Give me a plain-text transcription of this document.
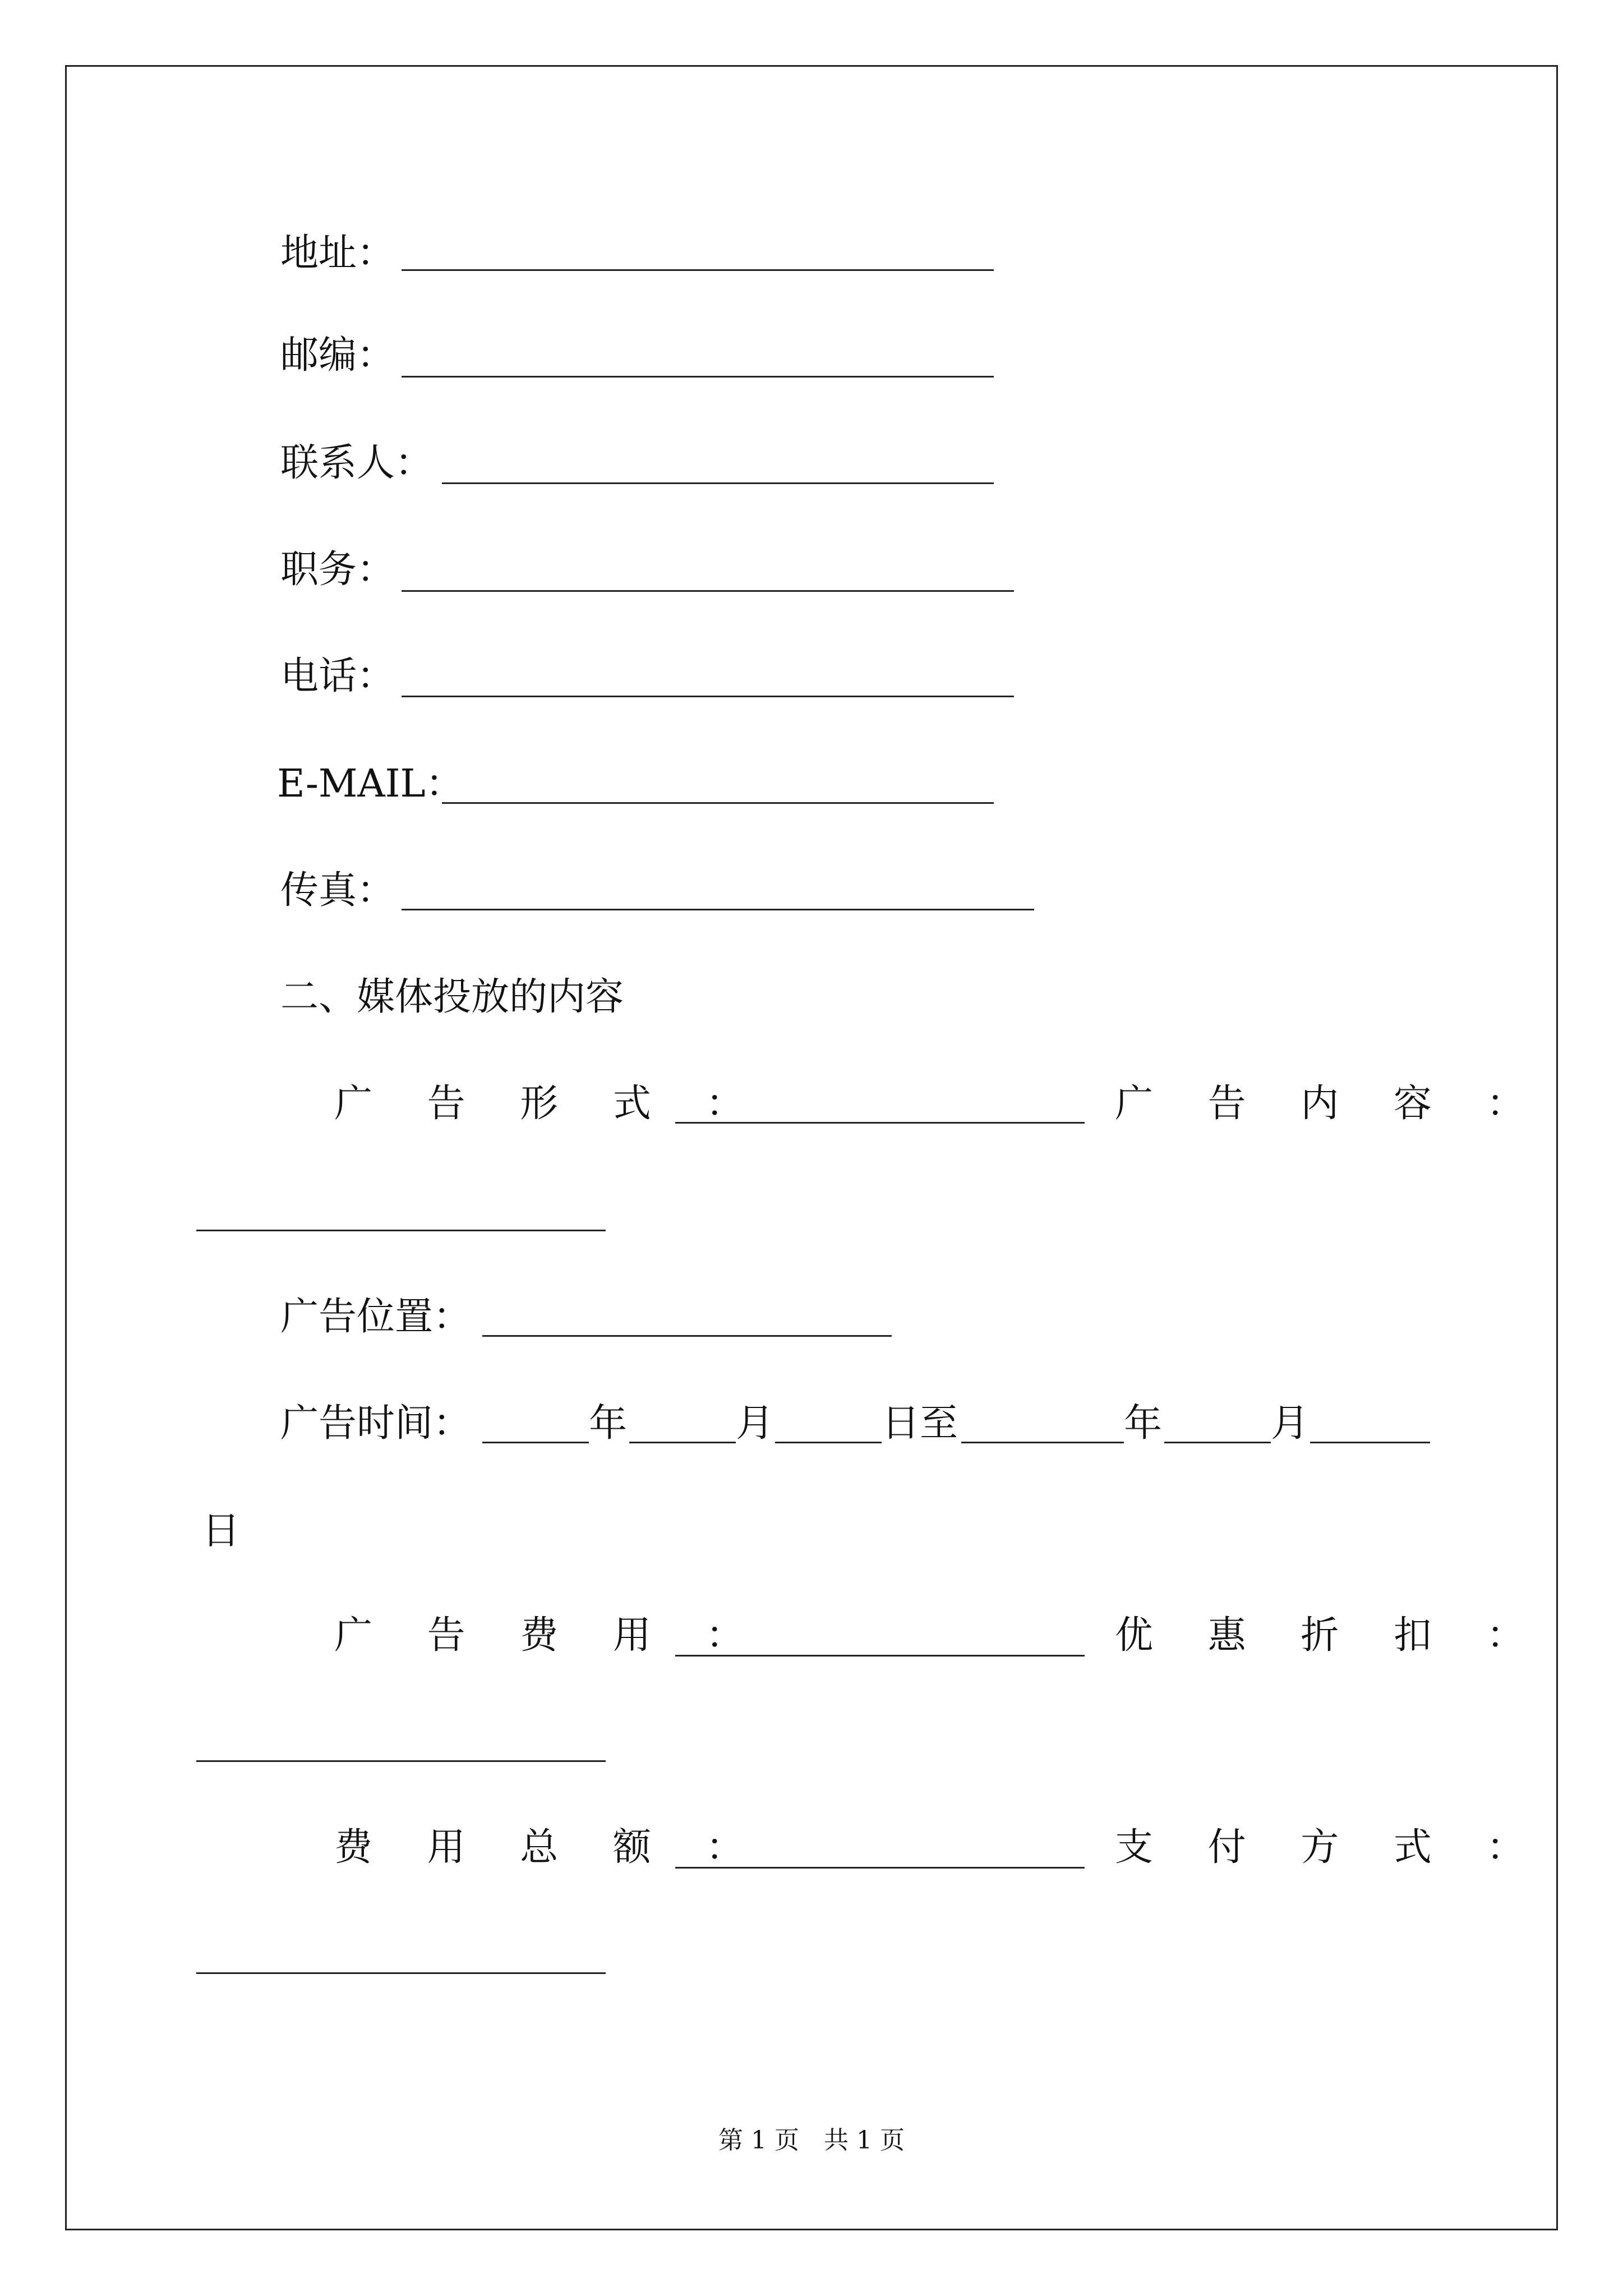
地址：
邮编：
联系人：
职务：
电话：
E-MAIL：
传真：
二、媒体投放的内容
广 告 形 式 ：	广 告 内 容 ：
广告位置：
广告时间：	年	月	日至	年	月
日
广 告 费 用 ：	优 惠 折 扣 ：
费 用 总 额 ：	支 付 方 式 ：
第 1 页　共 1 页
